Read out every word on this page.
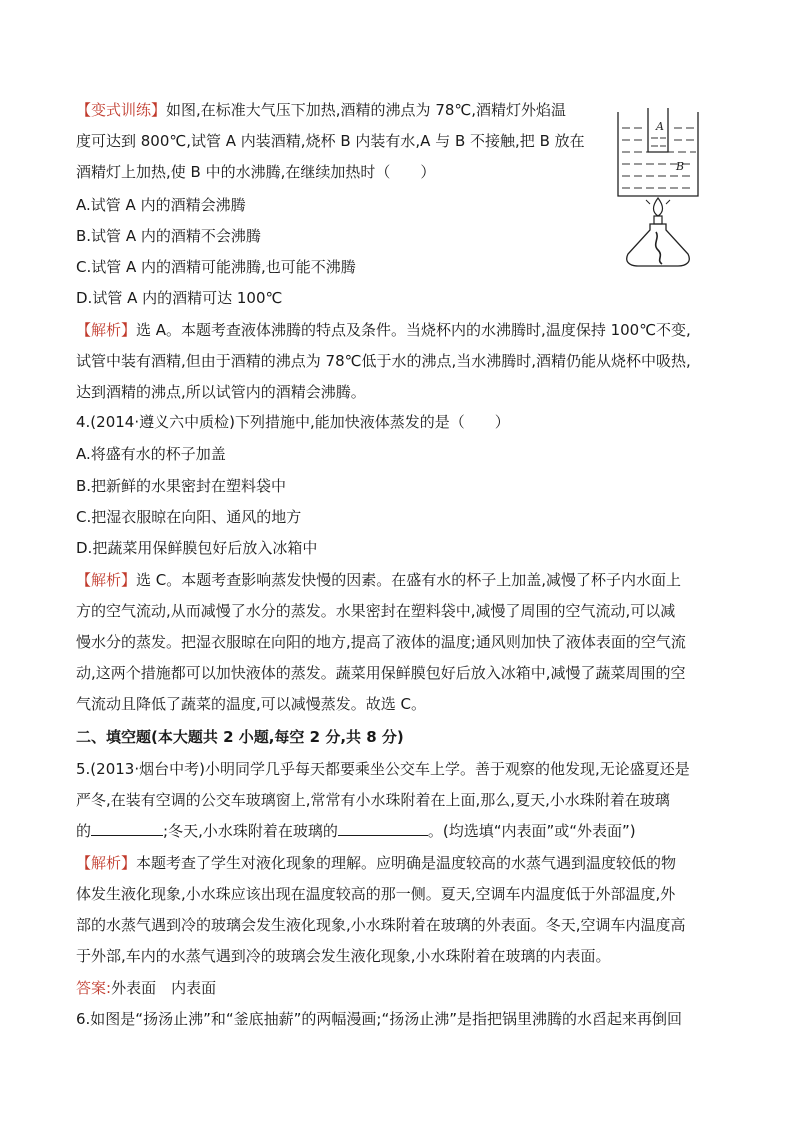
【变式训练】如图,在标准大气压下加热,酒精的沸点为 78℃,酒精灯外焰温
度可达到 800℃,试管 A 内装酒精,烧杯 B 内装有水,A 与 B 不接触,把 B 放在
酒精灯上加热,使 B 中的水沸腾,在继续加热时（　　）
A.试管 A 内的酒精会沸腾
B.试管 A 内的酒精不会沸腾
C.试管 A 内的酒精可能沸腾,也可能不沸腾
D.试管 A 内的酒精可达 100℃
【解析】选 A。本题考查液体沸腾的特点及条件。当烧杯内的水沸腾时,温度保持 100℃不变,
试管中装有酒精,但由于酒精的沸点为 78℃低于水的沸点,当水沸腾时,酒精仍能从烧杯中吸热,
达到酒精的沸点,所以试管内的酒精会沸腾。
A
B
4.(2014·遵义六中质检)下列措施中,能加快液体蒸发的是（　　）
A.将盛有水的杯子加盖
B.把新鲜的水果密封在塑料袋中
C.把湿衣服晾在向阳、通风的地方
D.把蔬菜用保鲜膜包好后放入冰箱中
【解析】选 C。本题考查影响蒸发快慢的因素。在盛有水的杯子上加盖,减慢了杯子内水面上
方的空气流动,从而减慢了水分的蒸发。水果密封在塑料袋中,减慢了周围的空气流动,可以减
慢水分的蒸发。把湿衣服晾在向阳的地方,提高了液体的温度;通风则加快了液体表面的空气流
动,这两个措施都可以加快液体的蒸发。蔬菜用保鲜膜包好后放入冰箱中,减慢了蔬菜周围的空
气流动且降低了蔬菜的温度,可以减慢蒸发。故选 C。
二、填空题(本大题共 2 小题,每空 2 分,共 8 分)
5.(2013·烟台中考)小明同学几乎每天都要乘坐公交车上学。善于观察的他发现,无论盛夏还是
严冬,在装有空调的公交车玻璃窗上,常常有小水珠附着在上面,那么,夏天,小水珠附着在玻璃
的	;冬天,小水珠附着在玻璃的	。(均选填“内表面”或“外表面”)
【解析】本题考查了学生对液化现象的理解。应明确是温度较高的水蒸气遇到温度较低的物
体发生液化现象,小水珠应该出现在温度较高的那一侧。夏天,空调车内温度低于外部温度,外
部的水蒸气遇到冷的玻璃会发生液化现象,小水珠附着在玻璃的外表面。冬天,空调车内温度高
于外部,车内的水蒸气遇到冷的玻璃会发生液化现象,小水珠附着在玻璃的内表面。
答案:外表面　内表面
6.如图是“扬汤止沸”和“釜底抽薪”的两幅漫画;“扬汤止沸”是指把锅里沸腾的水舀起来再倒回
